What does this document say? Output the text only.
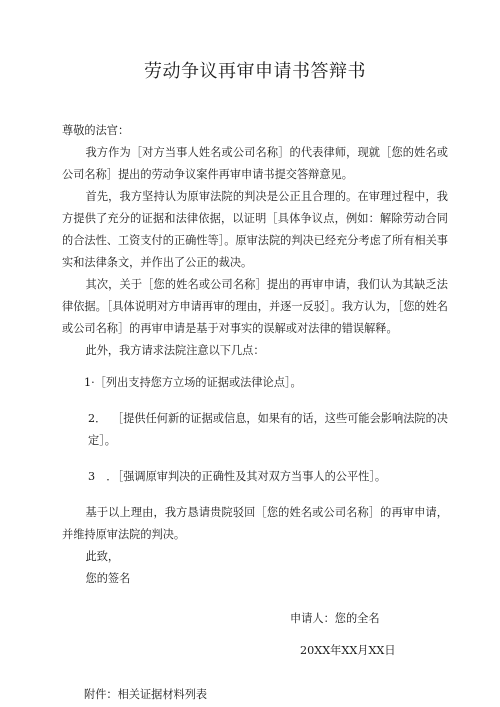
劳动争议再审申请书答辩书

尊敬的法官：

我方作为［对方当事人姓名或公司名称］的代表律师，现就［您的姓名或公司名称］提出的劳动争议案件再审申请书提交答辩意见。

首先，我方坚持认为原审法院的判决是公正且合理的。在审理过程中，我方提供了充分的证据和法律依据，以证明［具体争议点，例如：解除劳动合同的合法性、工资支付的正确性等］。原审法院的判决已经充分考虑了所有相关事实和法律条文，并作出了公正的裁决。

其次，关于［您的姓名或公司名称］提出的再审申请，我们认为其缺乏法律依据。［具体说明对方申请再审的理由，并逐一反驳］。我方认为，［您的姓名或公司名称］的再审申请是基于对事实的误解或对法律的错误解释。

此外，我方请求法院注意以下几点：

1·［列出支持您方立场的证据或法律论点］。

2． ［提供任何新的证据或信息，如果有的话，这些可能会影响法院的决定］。

3　．［强调原审判决的正确性及其对双方当事人的公平性］。

基于以上理由，我方恳请贵院驳回［您的姓名或公司名称］的再审申请，并维持原审法院的判决。

此致，

您的签名

申请人：您的全名

20XX年XX月XX日

附件：相关证据材料列表
